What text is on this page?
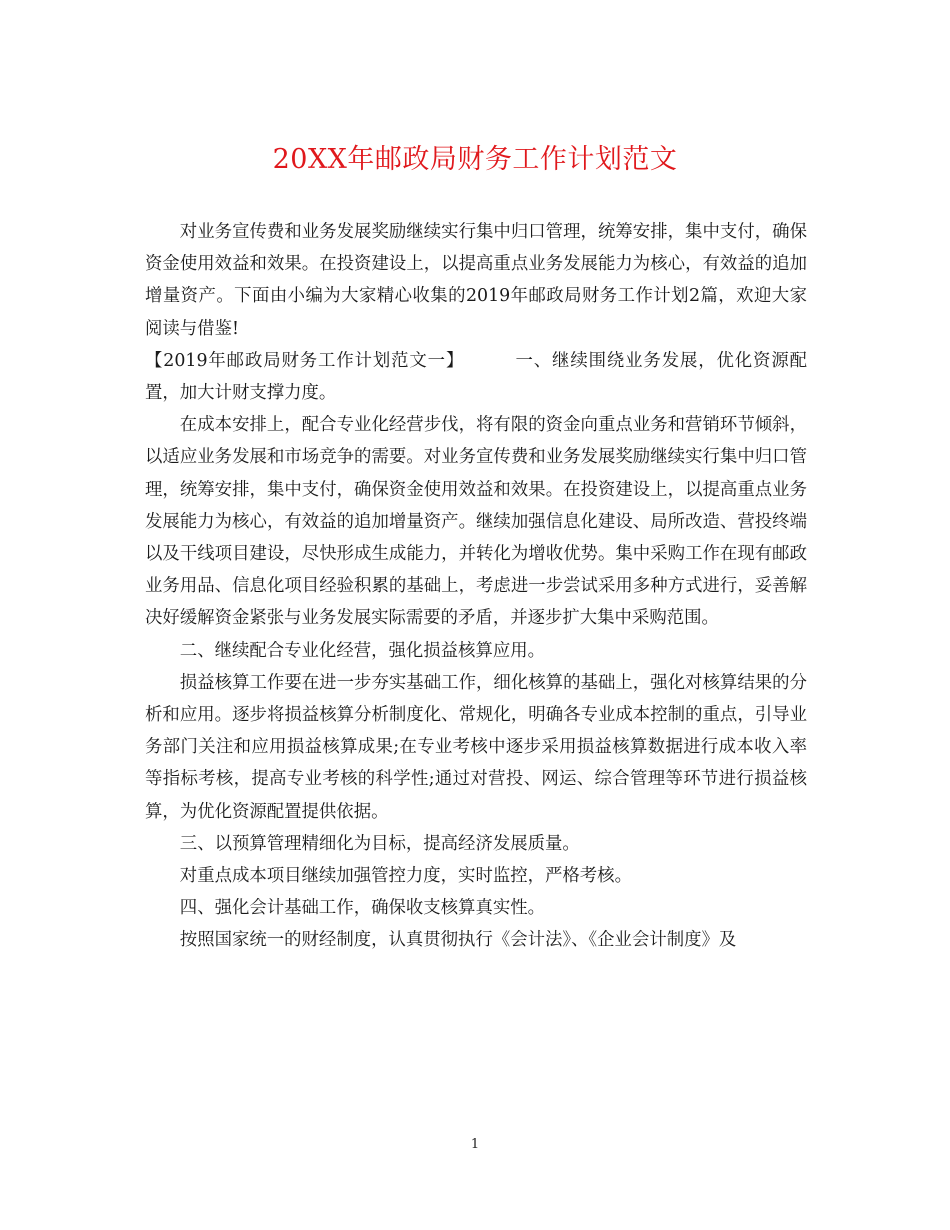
20XX年邮政局财务工作计划范文

对业务宣传费和业务发展奖励继续实行集中归口管理，统筹安排，集中支付，确保资金使用效益和效果。在投资建设上，以提高重点业务发展能力为核心，有效益的追加增量资产。下面由小编为大家精心收集的2019年邮政局财务工作计划2篇，欢迎大家阅读与借鉴!

【2019年邮政局财务工作计划范文一】	一、继续围绕业务发展，优化资源配置，加大计财支撑力度。

在成本安排上，配合专业化经营步伐，将有限的资金向重点业务和营销环节倾斜，以适应业务发展和市场竞争的需要。对业务宣传费和业务发展奖励继续实行集中归口管理，统筹安排，集中支付，确保资金使用效益和效果。在投资建设上，以提高重点业务发展能力为核心，有效益的追加增量资产。继续加强信息化建设、局所改造、营投终端以及干线项目建设，尽快形成生成能力，并转化为增收优势。集中采购工作在现有邮政业务用品、信息化项目经验积累的基础上，考虑进一步尝试采用多种方式进行，妥善解决好缓解资金紧张与业务发展实际需要的矛盾，并逐步扩大集中采购范围。

二、继续配合专业化经营，强化损益核算应用。

损益核算工作要在进一步夯实基础工作，细化核算的基础上，强化对核算结果的分析和应用。逐步将损益核算分析制度化、常规化，明确各专业成本控制的重点，引导业务部门关注和应用损益核算成果;在专业考核中逐步采用损益核算数据进行成本收入率等指标考核，提高专业考核的科学性;通过对营投、网运、综合管理等环节进行损益核算，为优化资源配置提供依据。

三、以预算管理精细化为目标，提高经济发展质量。

对重点成本项目继续加强管控力度，实时监控，严格考核。

四、强化会计基础工作，确保收支核算真实性。

按照国家统一的财经制度，认真贯彻执行《会计法》、《企业会计制度》及

1
